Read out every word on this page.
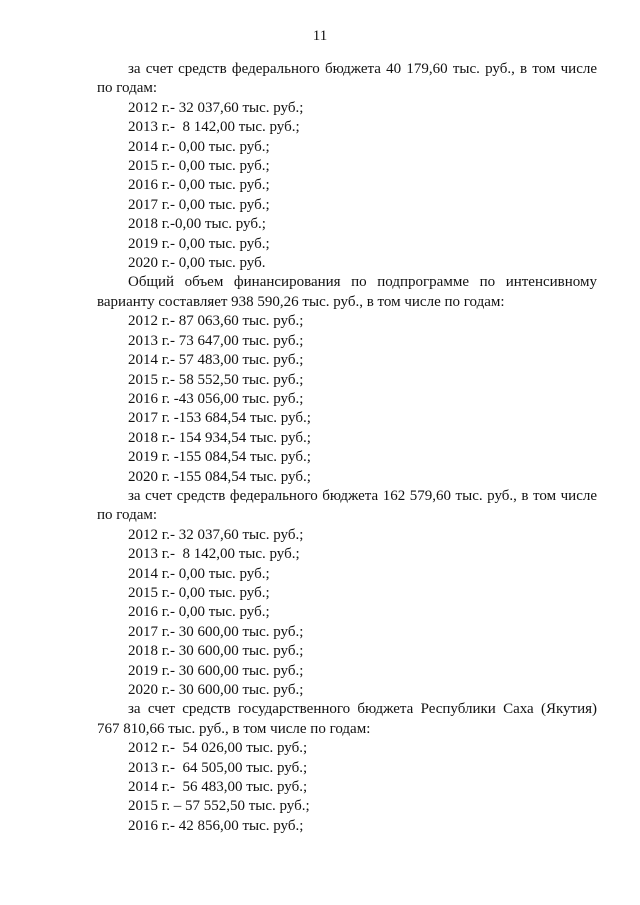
11

за счет средств федерального бюджета 40 179,60 тыс. руб., в том числе по годам:

2012 г.- 32 037,60 тыс. руб.;
2013 г.-  8 142,00 тыс. руб.;
2014 г.- 0,00 тыс. руб.;
2015 г.- 0,00 тыс. руб.;
2016 г.- 0,00 тыс. руб.;
2017 г.- 0,00 тыс. руб.;
2018 г.-0,00 тыс. руб.;
2019 г.- 0,00 тыс. руб.;
2020 г.- 0,00 тыс. руб.

Общий объем финансирования по подпрограмме по интенсивному варианту составляет 938 590,26 тыс. руб., в том числе по годам:

2012 г.- 87 063,60 тыс. руб.;
2013 г.- 73 647,00 тыс. руб.;
2014 г.- 57 483,00 тыс. руб.;
2015 г.- 58 552,50 тыс. руб.;
2016 г. -43 056,00 тыс. руб.;
2017 г. -153 684,54 тыс. руб.;
2018 г.- 154 934,54 тыс. руб.;
2019 г. -155 084,54 тыс. руб.;
2020 г. -155 084,54 тыс. руб.;

за счет средств федерального бюджета 162 579,60 тыс. руб., в том числе по годам:

2012 г.- 32 037,60 тыс. руб.;
2013 г.-  8 142,00 тыс. руб.;
2014 г.- 0,00 тыс. руб.;
2015 г.- 0,00 тыс. руб.;
2016 г.- 0,00 тыс. руб.;
2017 г.- 30 600,00 тыс. руб.;
2018 г.- 30 600,00 тыс. руб.;
2019 г.- 30 600,00 тыс. руб.;
2020 г.- 30 600,00 тыс. руб.;

за счет средств государственного бюджета Республики Саха (Якутия) 767 810,66 тыс. руб., в том числе по годам:

2012 г.-  54 026,00 тыс. руб.;
2013 г.-  64 505,00 тыс. руб.;
2014 г.-  56 483,00 тыс. руб.;
2015 г. – 57 552,50 тыс. руб.;
2016 г.- 42 856,00 тыс. руб.;
